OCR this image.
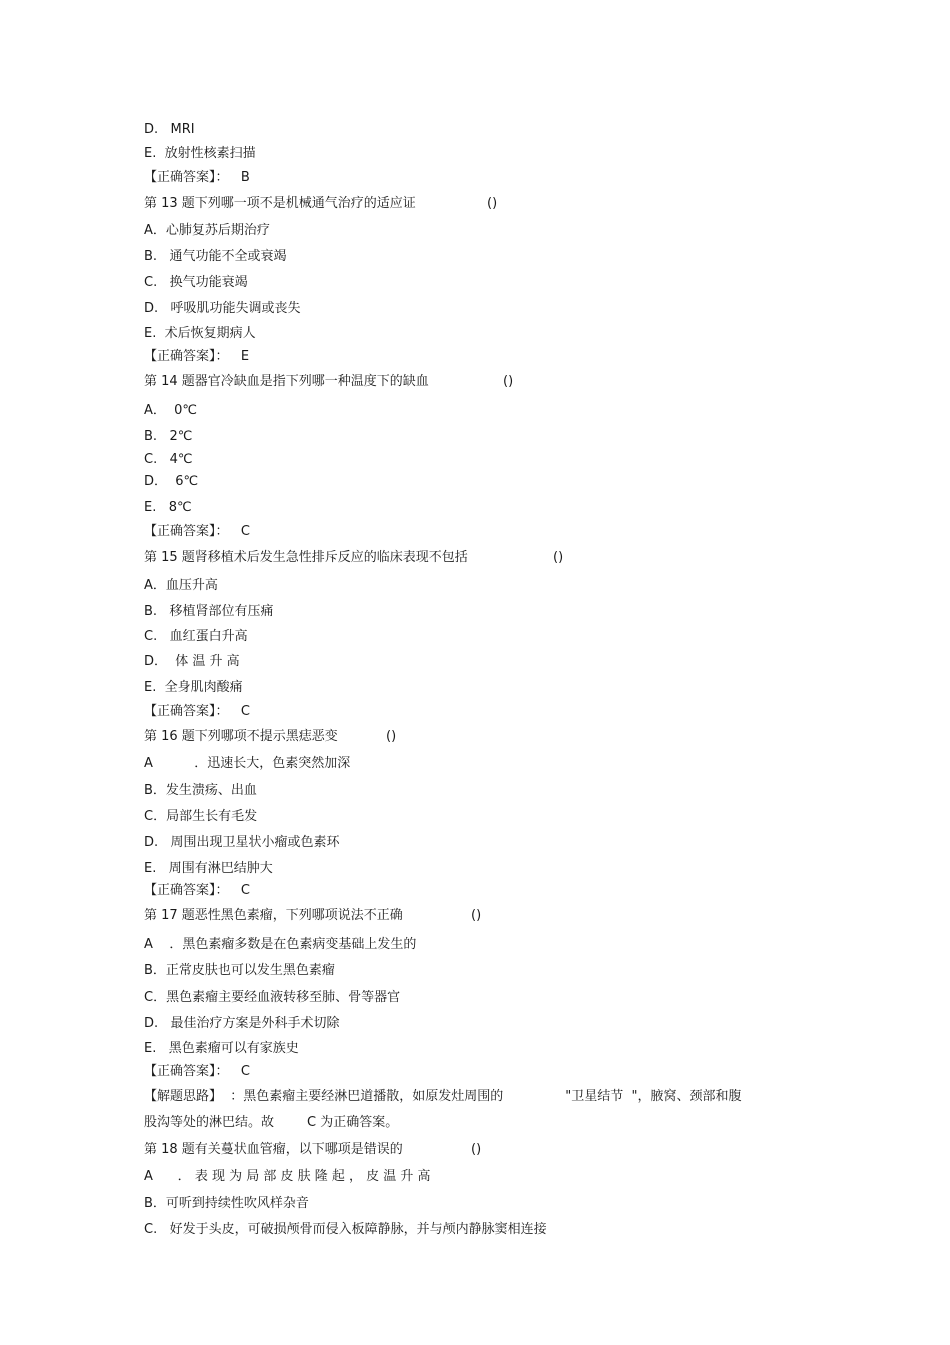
D.   MRI
E.  放射性核素扫描
【正确答案】：   B
第 13 题下列哪一项不是机械通气治疗的适应证	()
A．心肺复苏后期治疗
B.   通气功能不全或衰竭
C.   换气功能衰竭
D.   呼吸肌功能失调或丧失
E.  术后恢复期病人
【正确答案】：   E
第 14 题器官冷缺血是指下列哪一种温度下的缺血	()
A．  0℃
B.   2℃
C.   4℃
D．  6℃
E.   8℃
【正确答案】：   C
第 15 题肾移植术后发生急性排斥反应的临床表现不包括	()
A．血压升高
B.   移植肾部位有压痛
C.   血红蛋白升高
D．  体 温 升 高
E.  全身肌肉酸痛
【正确答案】：   C
第 16 题下列哪项不提示黑痣恶变	()
A          ．迅速长大，色素突然加深
B．发生溃疡、出血
C．局部生长有毛发
D.   周围出现卫星状小瘤或色素环
E.   周围有淋巴结肿大
【正确答案】：   C
第 17 题恶性黑色素瘤，下列哪项说法不正确	()
A    ．黑色素瘤多数是在色素病变基础上发生的
B．正常皮肤也可以发生黑色素瘤
C．黑色素瘤主要经血液转移至肺、骨等器官
D.   最佳治疗方案是外科手术切除
E.   黑色素瘤可以有家族史
【正确答案】：   C
【解题思路】  ：黑色素瘤主要经淋巴道播散，如原发灶周围的               "卫星结节  "，腋窝、颈部和腹
股沟等处的淋巴结。故        C 为正确答案。
第 18 题有关蔓状血管瘤，以下哪项是错误的	()
A      ． 表 现 为 局 部 皮 肤 隆 起 ， 皮 温 升 高
B．可听到持续性吹风样杂音
C.   好发于头皮，可破损颅骨而侵入板障静脉，并与颅内静脉窦相连接
